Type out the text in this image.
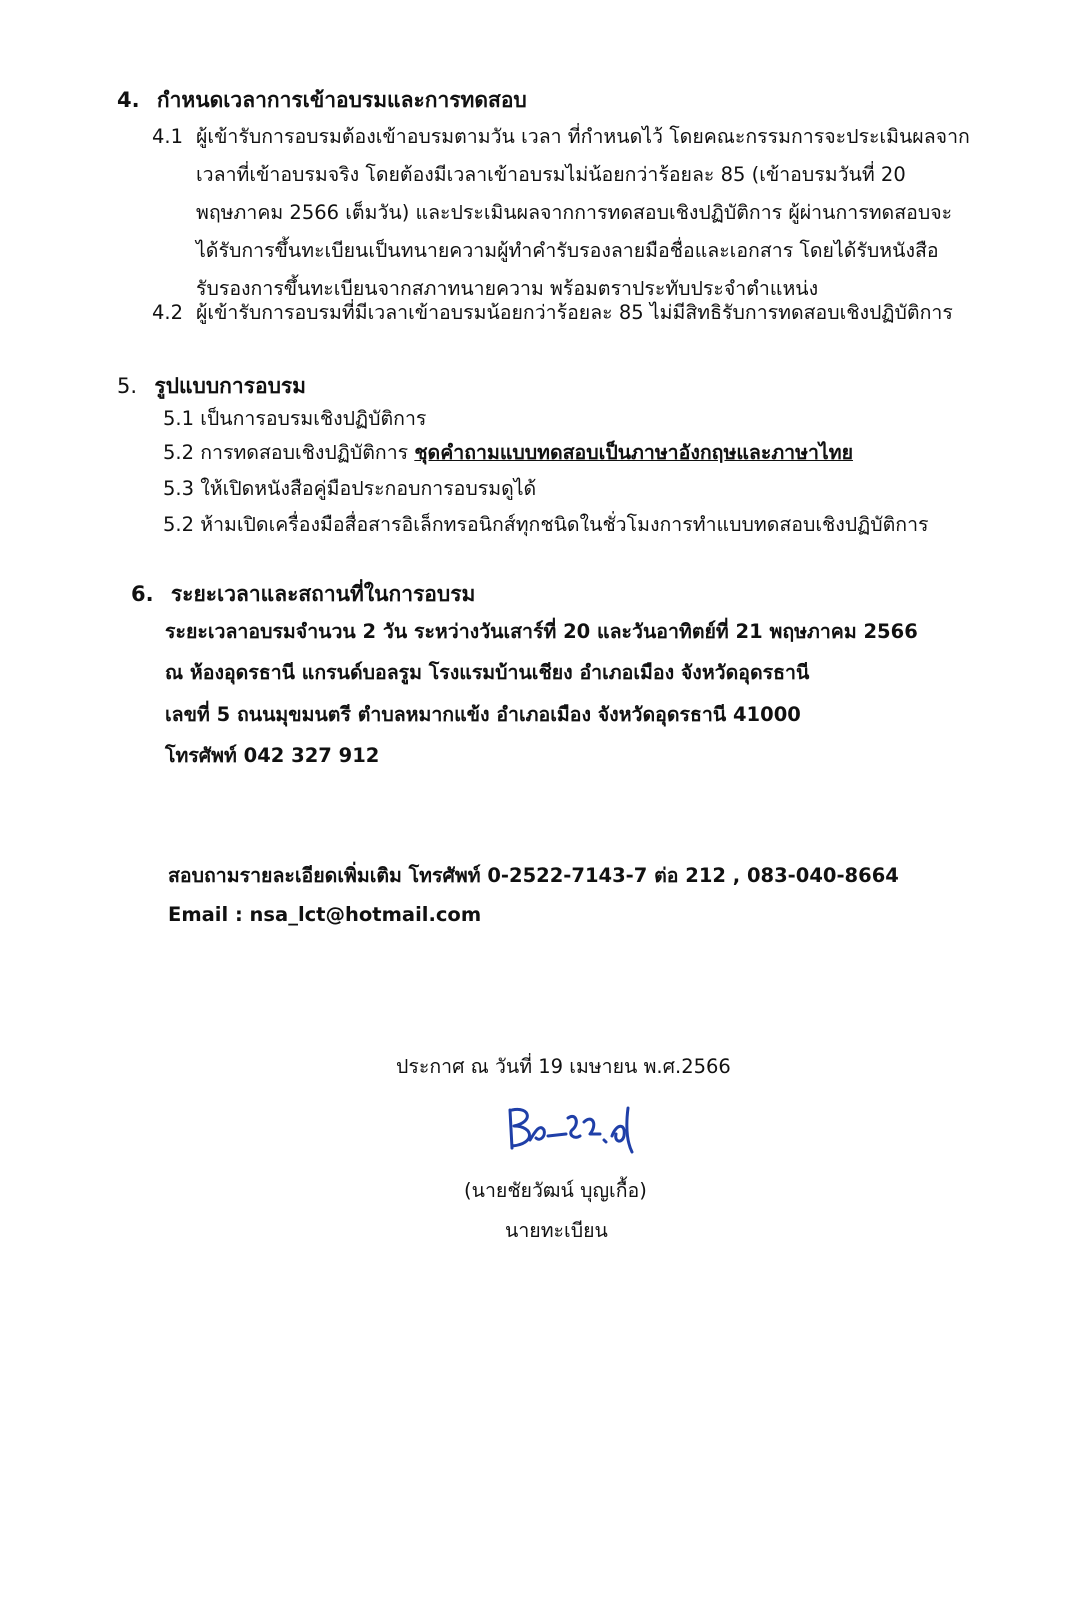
4. กำหนดเวลาการเข้าอบรมและการทดสอบ
4.1 ผู้เข้ารับการอบรมต้องเข้าอบรมตามวัน เวลา ที่กำหนดไว้ โดยคณะกรรมการจะประเมินผลจาก
เวลาที่เข้าอบรมจริง โดยต้องมีเวลาเข้าอบรมไม่น้อยกว่าร้อยละ 85 (เข้าอบรมวันที่ 20
พฤษภาคม 2566 เต็มวัน) และประเมินผลจากการทดสอบเชิงปฏิบัติการ ผู้ผ่านการทดสอบจะ
ได้รับการขึ้นทะเบียนเป็นทนายความผู้ทำคำรับรองลายมือชื่อและเอกสาร โดยได้รับหนังสือ
รับรองการขึ้นทะเบียนจากสภาทนายความ พร้อมตราประทับประจำตำแหน่ง
4.2 ผู้เข้ารับการอบรมที่มีเวลาเข้าอบรมน้อยกว่าร้อยละ 85 ไม่มีสิทธิรับการทดสอบเชิงปฏิบัติการ
5. รูปแบบการอบรม
5.1 เป็นการอบรมเชิงปฏิบัติการ
5.2 การทดสอบเชิงปฏิบัติการ ชุดคำถามแบบทดสอบเป็นภาษาอังกฤษและภาษาไทย
5.3 ให้เปิดหนังสือคู่มือประกอบการอบรมดูได้
5.2 ห้ามเปิดเครื่องมือสื่อสารอิเล็กทรอนิกส์ทุกชนิดในชั่วโมงการทำแบบทดสอบเชิงปฏิบัติการ
6. ระยะเวลาและสถานที่ในการอบรม
ระยะเวลาอบรมจำนวน 2 วัน ระหว่างวันเสาร์ที่ 20 และวันอาทิตย์ที่ 21 พฤษภาคม 2566
ณ ห้องอุดรธานี แกรนด์บอลรูม โรงแรมบ้านเชียง อำเภอเมือง จังหวัดอุดรธานี
เลขที่ 5 ถนนมุขมนตรี ตำบลหมากแข้ง อำเภอเมือง จังหวัดอุดรธานี 41000
โทรศัพท์ 042 327 912
สอบถามรายละเอียดเพิ่มเติม โทรศัพท์ 0-2522-7143-7 ต่อ 212 , 083-040-8664
Email : nsa_lct@hotmail.com
ประกาศ ณ วันที่ 19 เมษายน พ.ศ.2566
(นายชัยวัฒน์ บุญเกื้อ)
นายทะเบียน
